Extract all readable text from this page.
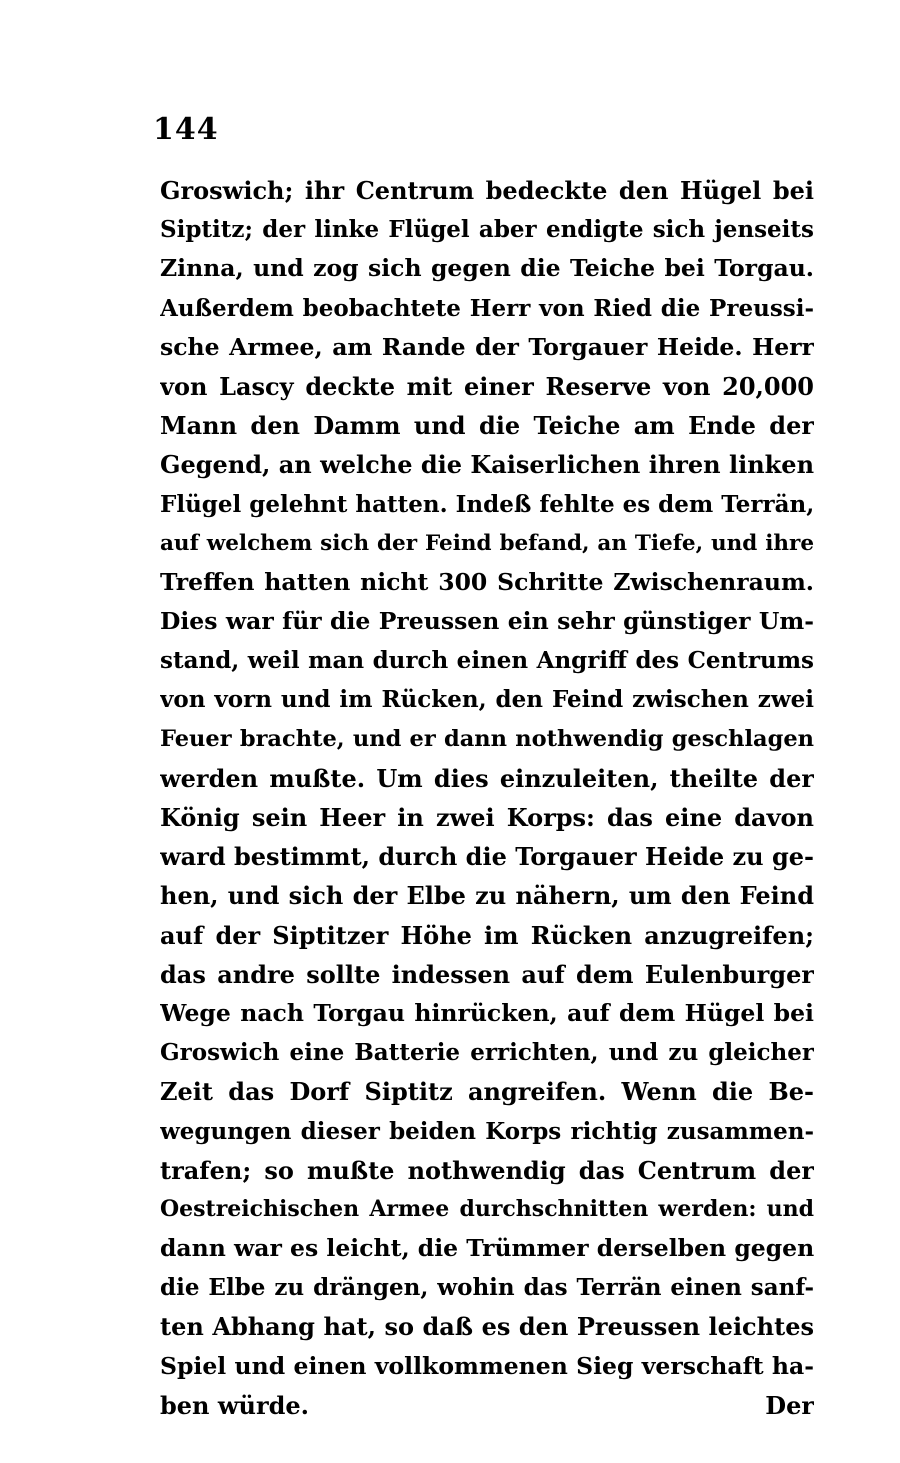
144
Groswich; ihr Centrum bedeckte den Hügel bei
Siptitz; der linke Flügel aber endigte sich jenseits
Zinna, und zog sich gegen die Teiche bei Torgau.
Außerdem beobachtete Herr von Ried die Preussi-
sche Armee, am Rande der Torgauer Heide. Herr
von Lascy deckte mit einer Reserve von 20,000
Mann den Damm und die Teiche am Ende der
Gegend, an welche die Kaiserlichen ihren linken
Flügel gelehnt hatten. Indeß fehlte es dem Terrän,
auf welchem sich der Feind befand, an Tiefe, und ihre
Treffen hatten nicht 300 Schritte Zwischenraum.
Dies war für die Preussen ein sehr günstiger Um-
stand, weil man durch einen Angriff des Centrums
von vorn und im Rücken, den Feind zwischen zwei
Feuer brachte, und er dann nothwendig geschlagen
werden mußte. Um dies einzuleiten, theilte der
König sein Heer in zwei Korps: das eine davon
ward bestimmt, durch die Torgauer Heide zu ge-
hen, und sich der Elbe zu nähern, um den Feind
auf der Siptitzer Höhe im Rücken anzugreifen;
das andre sollte indessen auf dem Eulenburger
Wege nach Torgau hinrücken, auf dem Hügel bei
Groswich eine Batterie errichten, und zu gleicher
Zeit das Dorf Siptitz angreifen. Wenn die Be-
wegungen dieser beiden Korps richtig zusammen-
trafen; so mußte nothwendig das Centrum der
Oestreichischen Armee durchschnitten werden: und
dann war es leicht, die Trümmer derselben gegen
die Elbe zu drängen, wohin das Terrän einen sanf-
ten Abhang hat, so daß es den Preussen leichtes
Spiel und einen vollkommenen Sieg verschaft ha-
ben würde.	Der
